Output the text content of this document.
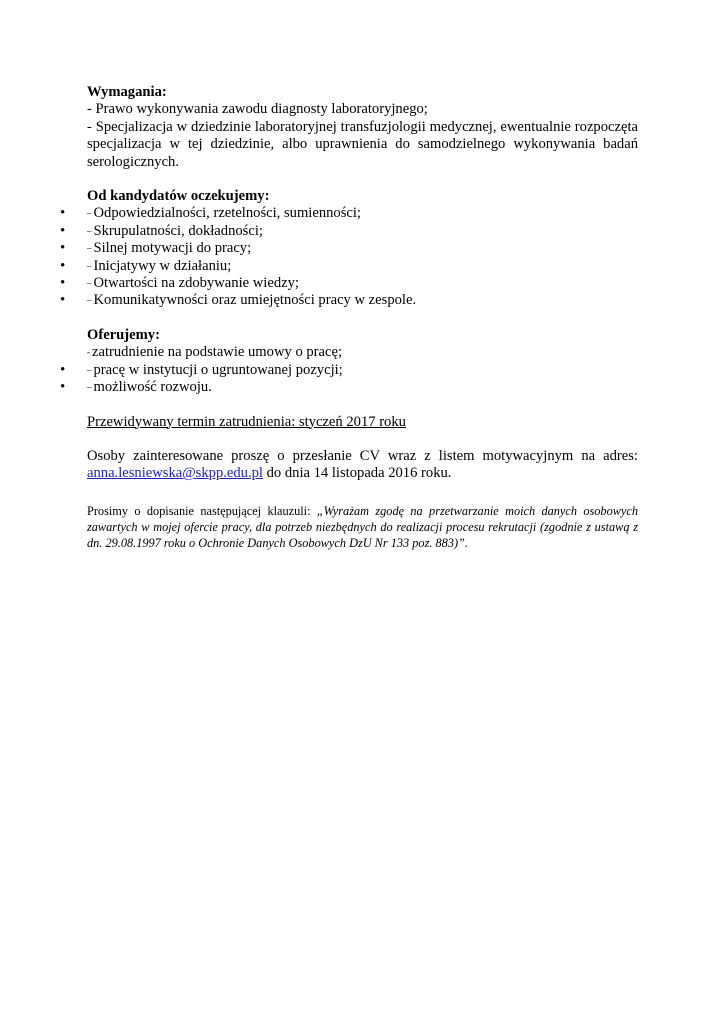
Wymagania:

- Prawo wykonywania zawodu diagnosty laboratoryjnego;

- Specjalizacja w dziedzinie laboratoryjnej transfuzjologii medycznej, ewentualnie rozpoczęta specjalizacja w tej dziedzinie, albo uprawnienia do samodzielnego wykonywania badań serologicznych.

Od kandydatów oczekujemy:

• – Odpowiedzialności, rzetelności, sumienności;
• – Skrupulatności, dokładności;
• – Silnej motywacji do pracy;
• – Inicjatywy w działaniu;
• – Otwartości na zdobywanie wiedzy;
• – Komunikatywności oraz umiejętności pracy w zespole.

Oferujemy:

- zatrudnienie na podstawie umowy o pracę;

• – pracę w instytucji o ugruntowanej pozycji;
• – możliwość rozwoju.

Przewidywany termin zatrudnienia: styczeń 2017 roku

Osoby zainteresowane proszę o przesłanie CV wraz z listem motywacyjnym na adres: anna.lesniewska@skpp.edu.pl do dnia 14 listopada 2016 roku.

Prosimy o dopisanie następującej klauzuli: „Wyrażam zgodę na przetwarzanie moich danych osobowych zawartych w mojej ofercie pracy, dla potrzeb niezbędnych do realizacji procesu rekrutacji (zgodnie z ustawą z dn. 29.08.1997 roku o Ochronie Danych Osobowych DzU Nr 133 poz. 883)”.
